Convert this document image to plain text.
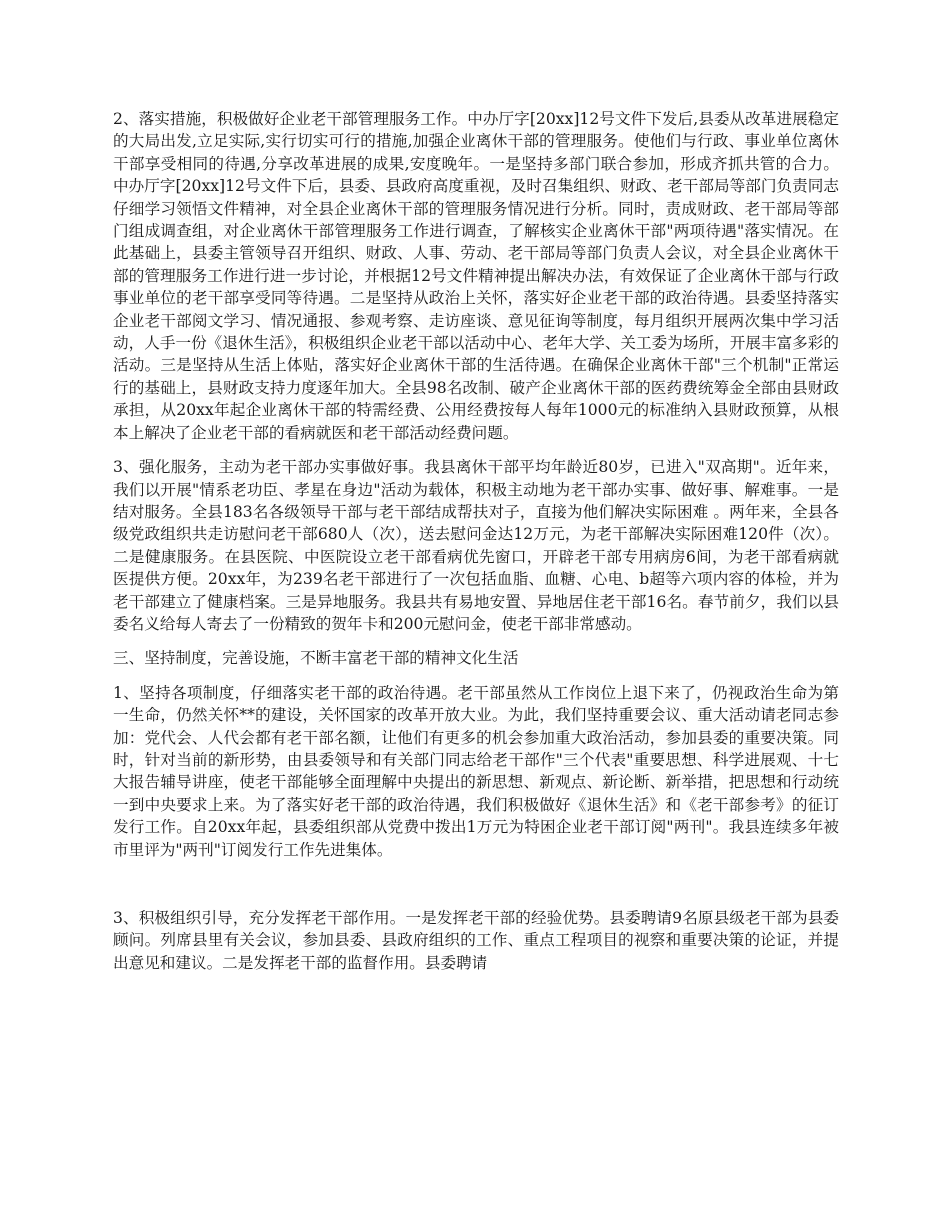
2、落实措施，积极做好企业老干部管理服务工作。中办厅字[20xx]12号文件下发后,县委从改革进展稳定的大局出发,立足实际,实行切实可行的措施,加强企业离休干部的管理服务。使他们与行政、事业单位离休干部享受相同的待遇,分享改革进展的成果,安度晚年。一是坚持多部门联合参加，形成齐抓共管的合力。中办厅字[20xx]12号文件下后，县委、县政府高度重视，及时召集组织、财政、老干部局等部门负责同志仔细学习领悟文件精神，对全县企业离休干部的管理服务情况进行分析。同时，责成财政、老干部局等部门组成调查组，对企业离休干部管理服务工作进行调查，了解核实企业离休干部"两项待遇"落实情况。在此基础上，县委主管领导召开组织、财政、人事、劳动、老干部局等部门负责人会议，对全县企业离休干部的管理服务工作进行进一步讨论，并根据12号文件精神提出解决办法，有效保证了企业离休干部与行政事业单位的老干部享受同等待遇。二是坚持从政治上关怀，落实好企业老干部的政治待遇。县委坚持落实企业老干部阅文学习、情况通报、参观考察、走访座谈、意见征询等制度，每月组织开展两次集中学习活动，人手一份《退休生活》，积极组织企业老干部以活动中心、老年大学、关工委为场所，开展丰富多彩的活动。三是坚持从生活上体贴，落实好企业离休干部的生活待遇。在确保企业离休干部"三个机制"正常运行的基础上，县财政支持力度逐年加大。全县98名改制、破产企业离休干部的医药费统筹金全部由县财政承担，从20xx年起企业离休干部的特需经费、公用经费按每人每年1000元的标准纳入县财政预算，从根本上解决了企业老干部的看病就医和老干部活动经费问题。

3、强化服务，主动为老干部办实事做好事。我县离休干部平均年龄近80岁，已进入"双高期"。近年来，我们以开展"情系老功臣、孝星在身边"活动为载体，积极主动地为老干部办实事、做好事、解难事。一是结对服务。全县183名各级领导干部与老干部结成帮扶对子，直接为他们解决实际困难 。两年来，全县各级党政组织共走访慰问老干部680人（次），送去慰问金达12万元，为老干部解决实际困难120件（次）。二是健康服务。在县医院、中医院设立老干部看病优先窗口，开辟老干部专用病房6间，为老干部看病就医提供方便。20xx年，为239名老干部进行了一次包括血脂、血糖、心电、b超等六项内容的体检，并为老干部建立了健康档案。三是异地服务。我县共有易地安置、异地居住老干部16名。春节前夕，我们以县委名义给每人寄去了一份精致的贺年卡和200元慰问金，使老干部非常感动。

三、坚持制度，完善设施，不断丰富老干部的精神文化生活

1、坚持各项制度，仔细落实老干部的政治待遇。老干部虽然从工作岗位上退下来了，仍视政治生命为第一生命，仍然关怀**的建设，关怀国家的改革开放大业。为此，我们坚持重要会议、重大活动请老同志参加：党代会、人代会都有老干部名额，让他们有更多的机会参加重大政治活动，参加县委的重要决策。同时，针对当前的新形势，由县委领导和有关部门同志给老干部作"三个代表"重要思想、科学进展观、十七大报告辅导讲座，使老干部能够全面理解中央提出的新思想、新观点、新论断、新举措，把思想和行动统一到中央要求上来。为了落实好老干部的政治待遇，我们积极做好《退休生活》和《老干部参考》的征订发行工作。自20xx年起，县委组织部从党费中拨出1万元为特困企业老干部订阅"两刊"。我县连续多年被市里评为"两刊"订阅发行工作先进集体。

3、积极组织引导，充分发挥老干部作用。一是发挥老干部的经验优势。县委聘请9名原县级老干部为县委顾问。列席县里有关会议，参加县委、县政府组织的工作、重点工程项目的视察和重要决策的论证，并提出意见和建议。二是发挥老干部的监督作用。县委聘请
